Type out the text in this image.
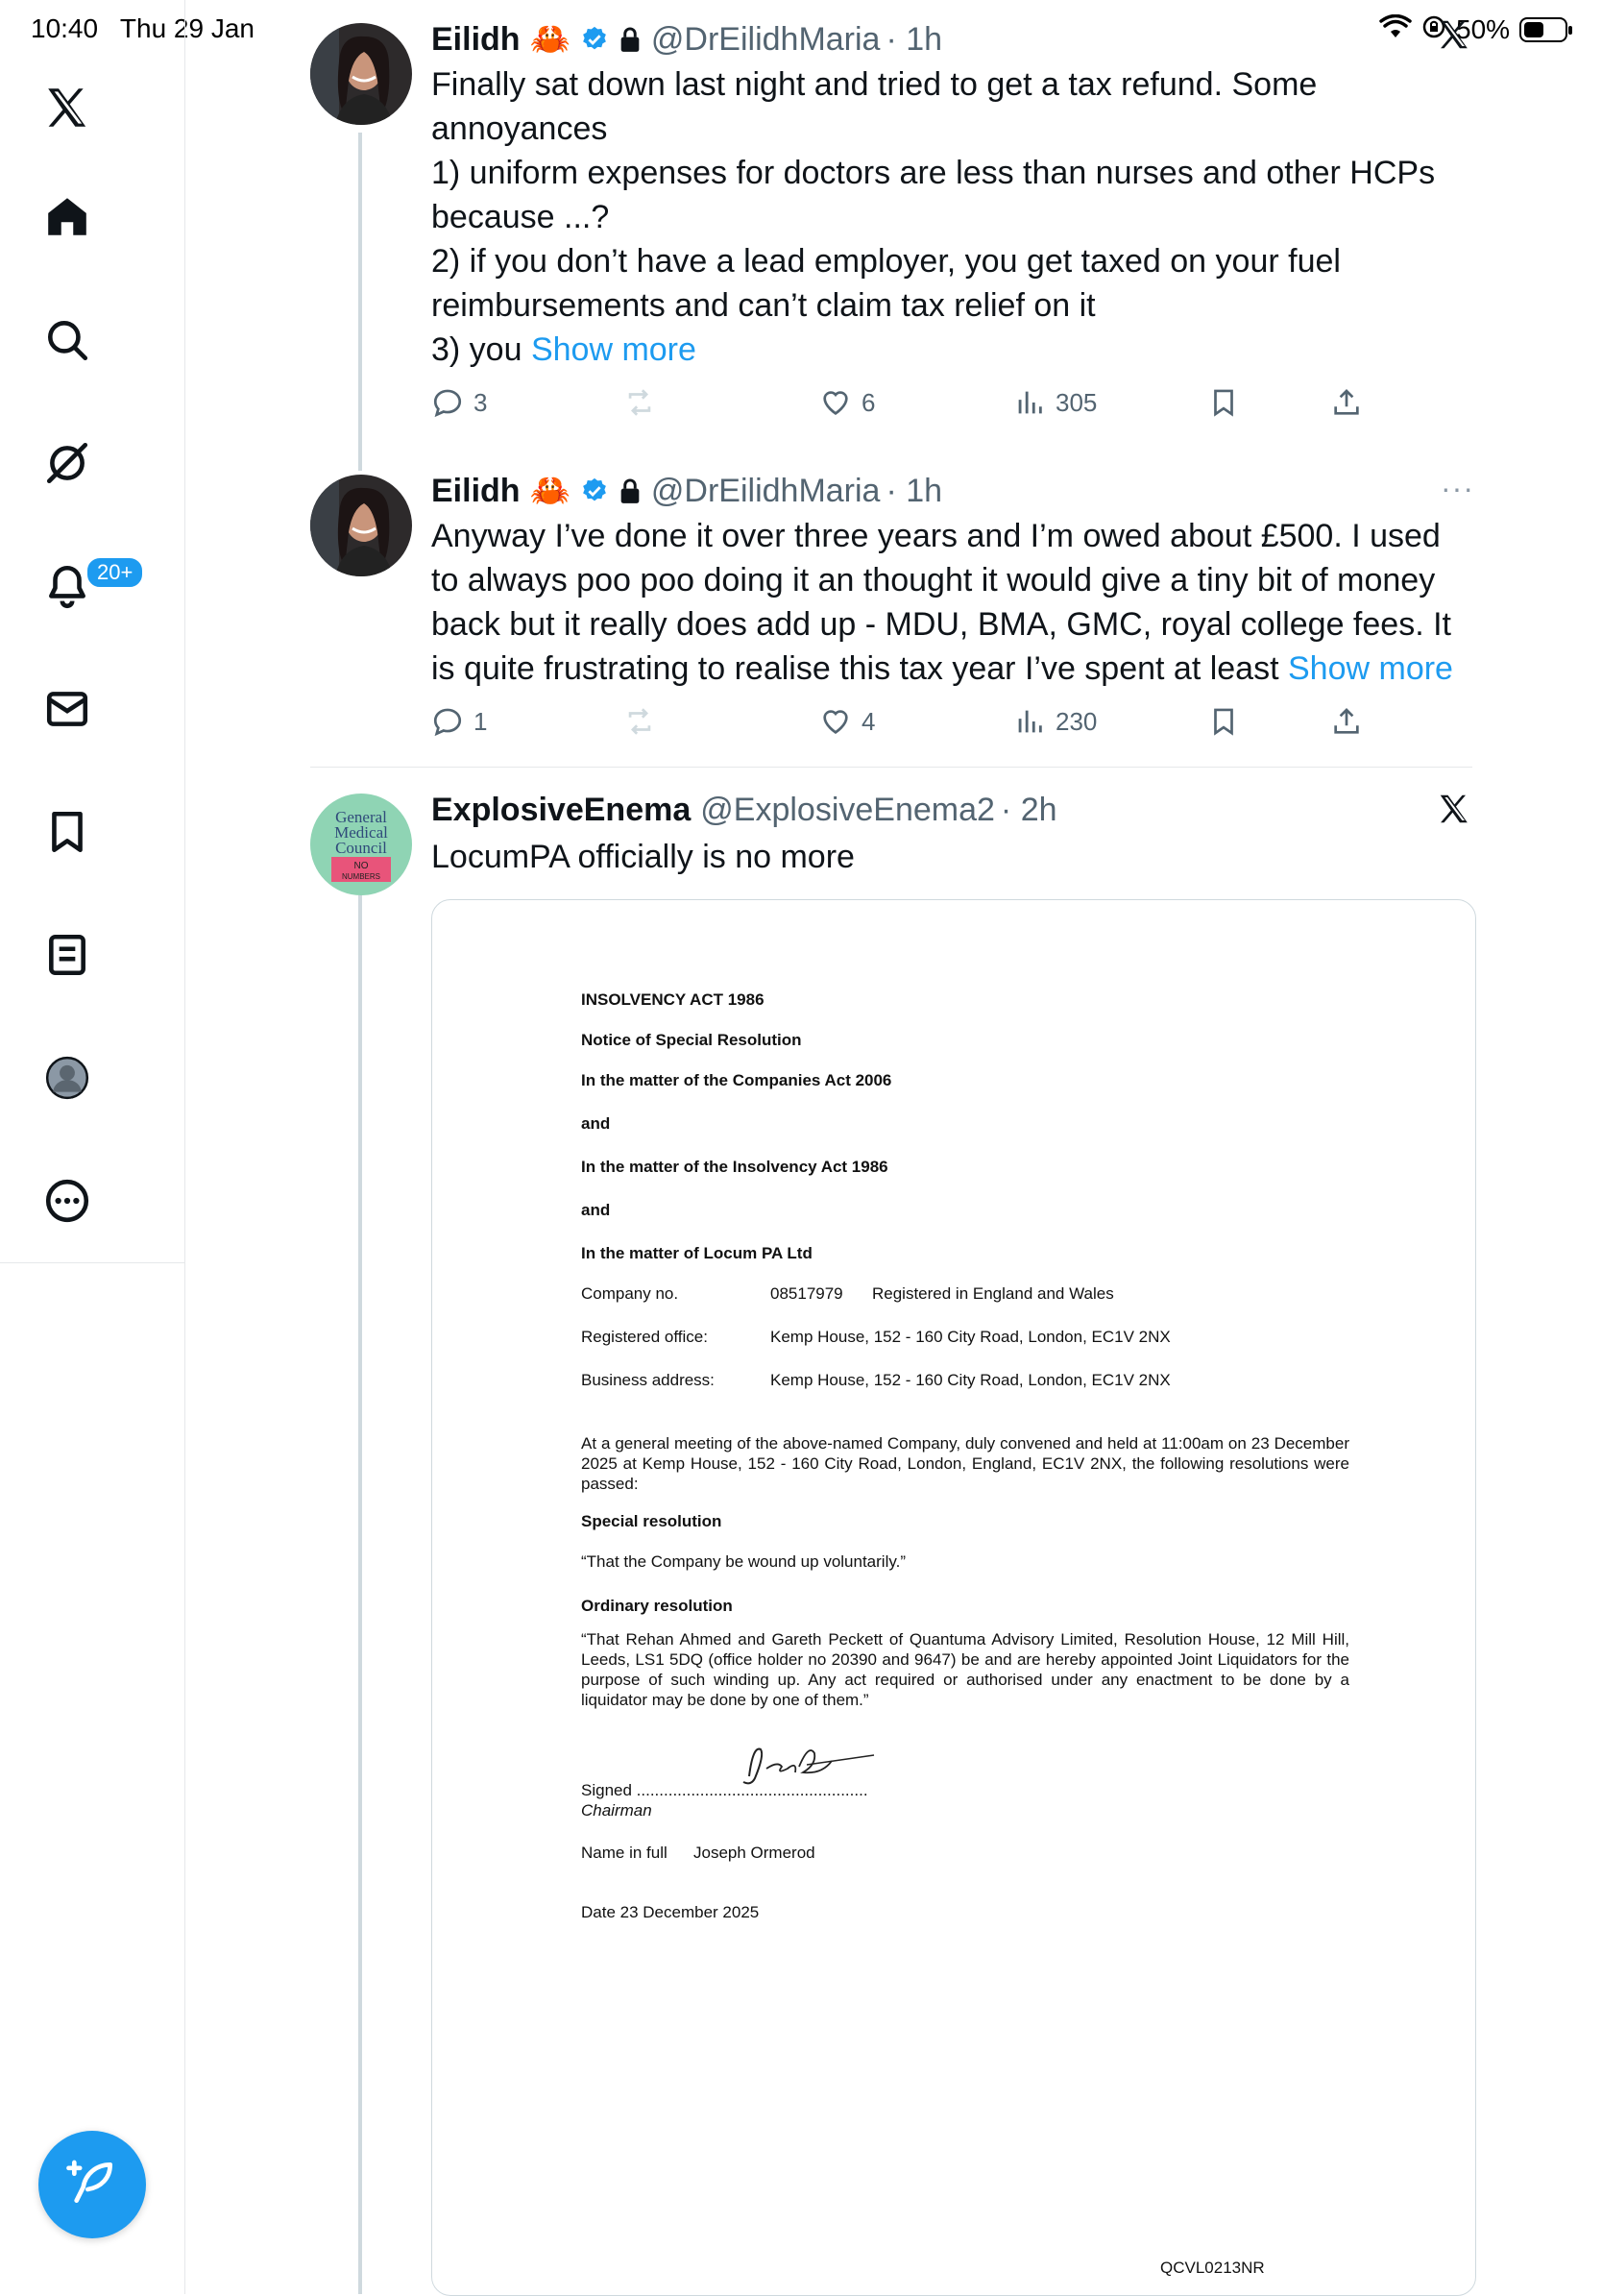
10:40   Thu 29 Jan	50%
20+
Eilidh 🦀 @DrEilidhMaria · 1h
Finally sat down last night and tried to get a tax refund. Some
annoyances
1) uniform expenses for doctors are less than nurses and other HCPs
because ...?
2) if you don’t have a lead employer, you get taxed on your fuel
reimbursements and can’t claim tax relief on it
3) you Show more
3	6	305
Eilidh 🦀 @DrEilidhMaria · 1h	···
Anyway I’ve done it over three years and I’m owed about £500. I used
to always poo poo doing it an thought it would give a tiny bit of money
back but it really does add up - MDU, BMA, GMC, royal college fees. It
is quite frustrating to realise this tax year I’ve spent at least Show more
1	4	230
General
Medical
Council
NO
NUMBERS
ExplosiveEnema @ExplosiveEnema2 · 2h
LocumPA officially is no more
INSOLVENCY ACT 1986
Notice of Special Resolution
In the matter of the Companies Act 2006
and
In the matter of the Insolvency Act 1986
and
In the matter of Locum PA Ltd
Company no.	08517979 Registered in England and Wales
Registered office:	Kemp House, 152 - 160 City Road, London, EC1V 2NX
Business address:	Kemp House, 152 - 160 City Road, London, EC1V 2NX
At a general meeting of the above-named Company, duly convened and held at 11:00am on 23 December 2025 at Kemp House, 152 - 160 City Road, London, England, EC1V 2NX, the following resolutions were passed:
Special resolution
“That the Company be wound up voluntarily.”
Ordinary resolution
“That Rehan Ahmed and Gareth Peckett of Quantuma Advisory Limited, Resolution House, 12 Mill Hill, Leeds, LS1 5DQ (office holder no 20390 and 9647) be and are hereby appointed Joint Liquidators for the purpose of such winding up. Any act required or authorised under any enactment to be done by a liquidator may be done by one of them.”
Signed ...................................................
Chairman
Name in full Joseph Ormerod
Date 23 December 2025
QCVL0213NR
